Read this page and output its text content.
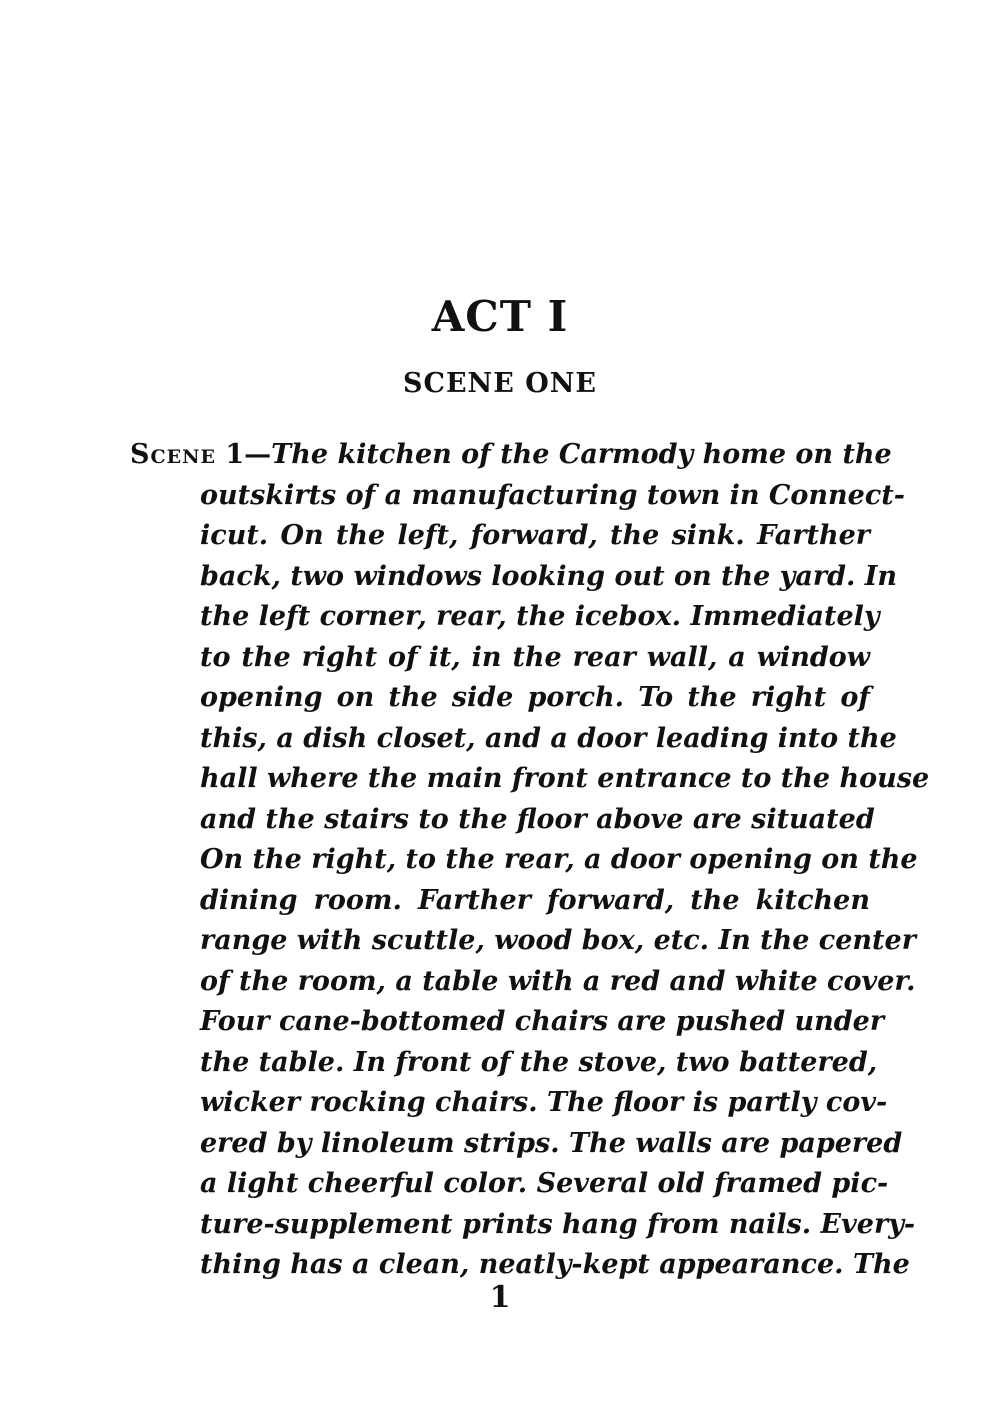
ACT I
SCENE ONE
Scene 1—The kitchen of the Carmody home on the
outskirts of a manufacturing town in Connect-
icut. On the left, forward, the sink. Farther
back, two windows looking out on the yard. In
the left corner, rear, the icebox. Immediately
to the right of it, in the rear wall, a window
opening on the side porch. To the right of
this, a dish closet, and a door leading into the
hall where the main front entrance to the house
and the stairs to the floor above are situated
On the right, to the rear, a door opening on the
dining room. Farther forward, the kitchen
range with scuttle, wood box, etc. In the center
of the room, a table with a red and white cover.
Four cane-bottomed chairs are pushed under
the table. In front of the stove, two battered,
wicker rocking chairs. The floor is partly cov-
ered by linoleum strips. The walls are papered
a light cheerful color. Several old framed pic-
ture-supplement prints hang from nails. Every-
thing has a clean, neatly-kept appearance. The
1
